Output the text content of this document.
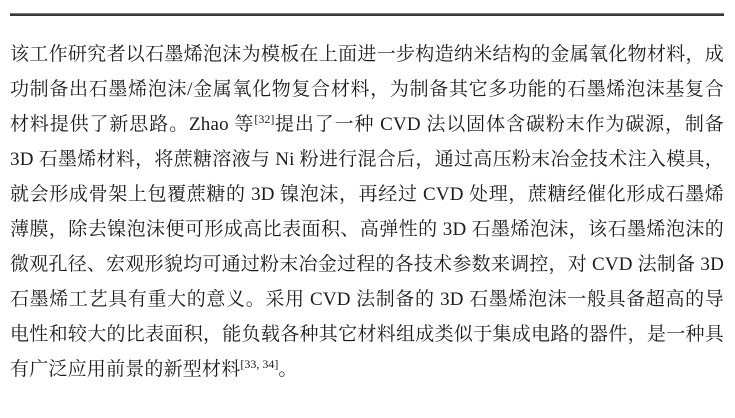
该工作研究者以石墨烯泡沫为模板在上面进一步构造纳米结构的金属氧化物材料，成功制备出石墨烯泡沫/金属氧化物复合材料，为制备其它多功能的石墨烯泡沫基复合材料提供了新思路。Zhao 等[32]提出了一种 CVD 法以固体含碳粉末作为碳源，制备 3D 石墨烯材料，将蔗糖溶液与 Ni 粉进行混合后，通过高压粉末冶金技术注入模具，就会形成骨架上包覆蔗糖的 3D 镍泡沫，再经过 CVD 处理，蔗糖经催化形成石墨烯薄膜，除去镍泡沫便可形成高比表面积、高弹性的 3D 石墨烯泡沫，该石墨烯泡沫的微观孔径、宏观形貌均可通过粉末冶金过程的各技术参数来调控，对 CVD 法制备 3D 石墨烯工艺具有重大的意义。采用 CVD 法制备的 3D 石墨烯泡沫一般具备超高的导电性和较大的比表面积，能负载各种其它材料组成类似于集成电路的器件，是一种具有广泛应用前景的新型材料[33, 34]。
